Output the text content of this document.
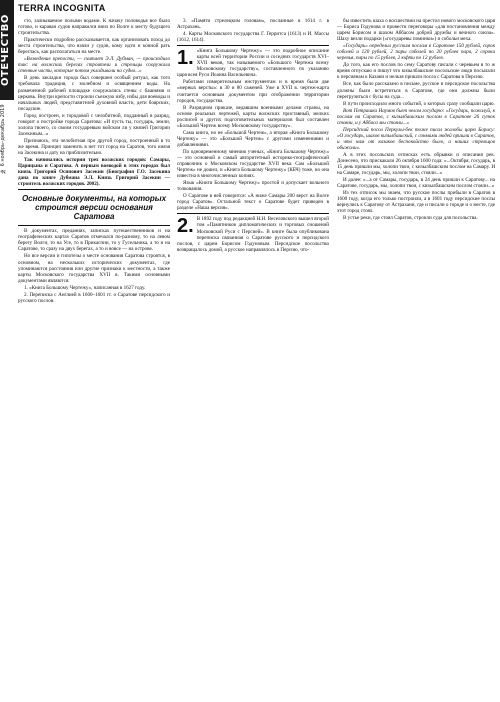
ОТЕЧЕСТВО
№ 6 ноябрь–декабрь 2019
TERRA INCOGNITA

сто, залиываемое полыми водами. К начачу половодья все было готово, и караван судов направился вниз по Волге к месту будущего строительства.

Практически подробно рассказывается, как организовать поход до места строительства, что взяли у судов, кому идти и конной рать береглась, как располагаться на месте.

«Возведение крепости, — считает Э.Л. Дубман, — происходило так: на волжских берегах строители и стрельцы сооружали стенные части, которые потом укладывали на судно...»

В день закладки города был совершен особый ритуал, как того требовала традиция, с молебном и освящением воды. На размеченной рабочей площадке сооружались стены с башнями и церковь. Внутри крепости строили съезжую избу, избы для воеводы и начальных людей, представителей духовной власти, дети боярских, посадские.

Город построен, и городовой с челобитной, подданный в разряд, говорит о постройке города Саратова: «И пусть ты, государь, земли, холопа твоего, со своим государевым войском ли у князей Григории Засекиным...»

Признаюсь, эта челобитная про другой город, построенный в то же время. Принцип заменить в нет тот город на Саратов, того князя на Засекина и дату на приблизительно.

Так начинались истории трех волжских городов: Самары, Царицына и Саратова. А первым воеводой в этих городах был князь Григорий Осипович Засекин (Биография Г.О. Засекина дана по книге Дубмана Э.Л. Князь Григорий Засекин — строитель волжских городов. 2002).

Основные документы, на которых строится версии основания Саратова

В документах, преданиях, записках путешественников и на географических картах Саратов отмечался по-разному, то на левом берегу Волги, то на Усе, то в Прикаспии, то у Гусельника, а то и на Саратове, то сразу на двух берегах, а то и вовсе — на острове.

Но все версии и гипотезы о месте основания Саратова строятся, в основном, на нескольких исторических документах, где упоминаются расстояния или другие признаки к местности, а также карты Московского государства XVII в. Такими основными документами являются:

1. «Книга Большому Чертежу», написанная в 1627 году.

2. Переписка с Англией в 1600–1601 гг. о Саратове персидского и русского послов.

3. «Памяти стрелецким головам», посланные в 1614 г. в Астрахань.

4. Карты Московского государства Г. Герритса (1613) и И. Массы (1612, 1614).

1. «Книга Большому Чертежу» — это подробное описание карты всей территории России и соседних государств XVI–XVII веков, так называемого «Большого Чертежа всему Московскому государству», составленного по указанию царя всея Руси Иоанна Васильевича.

Работами измерительным инструментам и в время были две «мерных версты»: в 30 и 80 саженей. Уже в XVII в. чертеж-карта считается основным документом при отображении территории городов, государства.

В Разрядном приказе, ведавшим военными делами страны, на основе реальных чертежей, карты волжских приставный, мелких росписей и других подготовительных материалов был составлен «Большой Чертеж всему Московскому государству».

Сама книга, но не «Большой Чертеж», а вторая «Книга Большому Чертежу» — это «Большой Чертеж» с другими изменениями и добавлениями.

По одновременному мнению ученых, «Книга Большому Чертежу» — это основной и самый авторитетный историко-географический справочник о Московском государстве XVII века. Сам «Большой Чертеж» не дошел, и «Книга Большому Чертежу» (КБЧ) тоже, но она известна в многочисленных копиях.

Язык «Книги Большому Чертежу» простой и допускает вольного толкования.

О Саратове в ней говорится: «А ниже Самары 200 верст на Волге город Саратов». Остальной текст о Саратове будет приведен в разделе «Наша версия».

2. В 1892 году под редакцией Н.Н. Веселовского вышел второй том «Памятников дипломатических и торговых сношений Московской Руси с Персией». В книге была опубликована переписка связанная о Саратове русского и персидского послов, с царем Борисом Годуновым. Персидское посольство возвращалось домой, а русское направлялось в Персию, что-

бы известить шаха о восшествии на престол нового московского царя — Бориса Годунова и провести переговоры «для постановления между царем Борисом и шахом Аббасом доброй дружбы и вечного союза». Шаху везли подарки («государевы поминки») и собольи меха.

«Государь» определил русским послам в Саратове 150 рублей, сорок соболей и 120 рублей, 2 пары соболей по 20 рублев пара, 2 сорока черевья, пары по 15 рублев, 2 юфти по 12 рублев.

До того, как его послов по сему Саратову писали с черевьем в то ж время отпускаю и пишут что кизылбашские посольские люди посылали к персиянам к Казани и нельзя пришли посла с Саратова в Персию.

Все, как было рассказано в письме, русское и персидское посольства должны были встретиться в Саратове, где они должны были перегрузиться с бусы на суда...

В пути происходило много событий, о которых сразу сообщали царю.

Вот Петрашка Наумов бьет челом государю: «Государь, пожалуй, к послам на Саратов, с кизылбашским послом в Саратове 26 суток стояли, и у Аббаса мы стояли...»

Персидский посол Перкулы-бек тоже писал жалобы царю Борису: «О государь, шахов кизылбашский, с сонмами людей пришли в Саратов, и что нам от казаков беспокойство было, а наших стрельцов обижали».

А в этих посольских отписках есть обрывки и описания рек. Донесено, что прискакали 26 октября 1600 года: «...Октября, государь, в 15 день пришли мы, холопи твои, с кизылбашским послом на Самару. И на Самаре, государь, мы, холопи твои, стояли...»

И далее: «...а от Самары, государь, в 24 день пришли к Саратову... на Саратове, государь, мы, холопи твои, с кизылбашским послом стояли...»

Из тех отписок мы знаем, что русские послы прибыли в Саратов в 1600 году, когда его только построили, а в 1601 году персидские послы вернулись к Саратову от Астрахани, где и писали о городе и о месте, где этот город стоял.

В устье реки, где стоял Саратов, строили суда для посольства.
